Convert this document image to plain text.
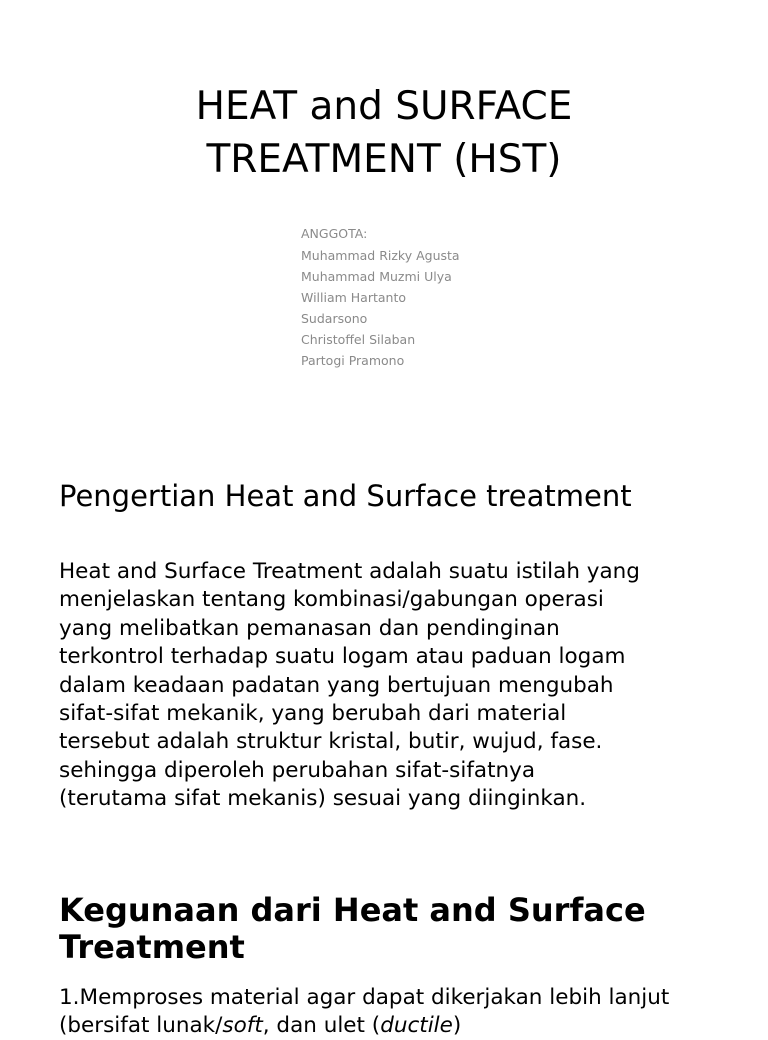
HEAT and SURFACE
TREATMENT (HST)
ANGGOTA:
Muhammad Rizky Agusta
Muhammad Muzmi Ulya
William Hartanto
Sudarsono
Christoffel Silaban
Partogi Pramono
Pengertian Heat and Surface treatment

Heat and Surface Treatment adalah suatu istilah yang
menjelaskan tentang kombinasi/gabungan operasi
yang melibatkan pemanasan dan pendinginan
terkontrol terhadap suatu logam atau paduan logam
dalam keadaan padatan yang bertujuan mengubah
sifat-sifat mekanik, yang berubah dari material
tersebut adalah struktur kristal, butir, wujud, fase.
sehingga diperoleh perubahan sifat-sifatnya
(terutama sifat mekanis) sesuai yang diinginkan.

Kegunaan dari Heat and Surface Treatment

1.Memproses material agar dapat dikerjakan lebih lanjut (bersifat lunak/soft, dan ulet (ductile)
